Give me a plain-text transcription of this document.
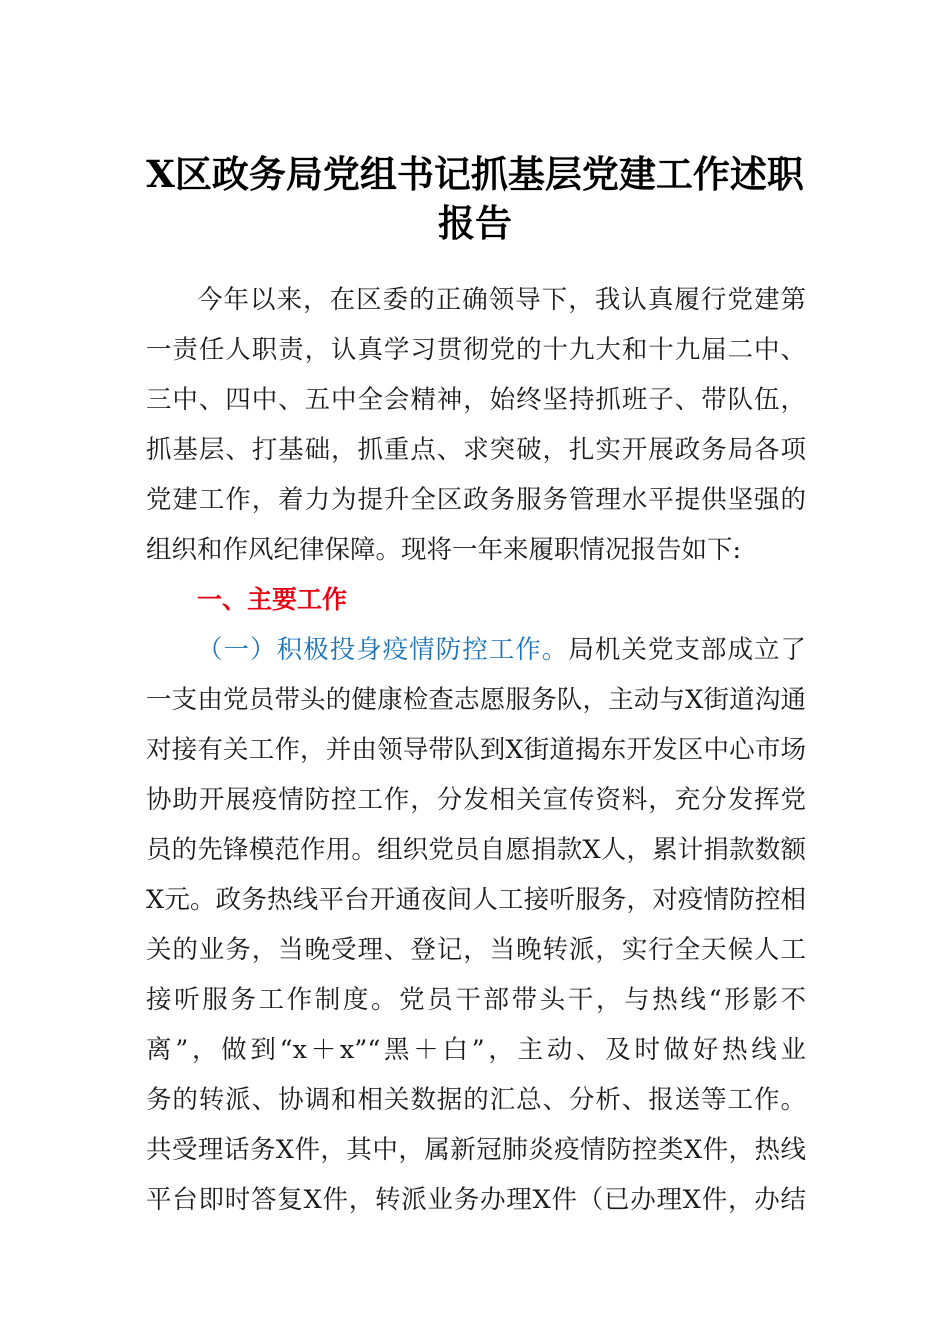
X区政务局党组书记抓基层党建工作述职
报告
今年以来，在区委的正确领导下，我认真履行党建第
一责任人职责，认真学习贯彻党的十九大和十九届二中、
三中、四中、五中全会精神，始终坚持抓班子、带队伍，
抓基层、打基础，抓重点、求突破，扎实开展政务局各项
党建工作，着力为提升全区政务服务管理水平提供坚强的
组织和作风纪律保障。现将一年来履职情况报告如下:
一、主要工作
（一）积极投身疫情防控工作。局机关党支部成立了
一支由党员带头的健康检查志愿服务队，主动与X街道沟通
对接有关工作，并由领导带队到X街道揭东开发区中心市场
协助开展疫情防控工作，分发相关宣传资料，充分发挥党
员的先锋模范作用。组织党员自愿捐款X人，累计捐款数额
X元。政务热线平台开通夜间人工接听服务，对疫情防控相
关的业务，当晚受理、登记，当晚转派，实行全天候人工
接听服务工作制度。党员干部带头干，与热线“形影不
离”，做到“x＋x”“黑＋白”，主动、及时做好热线业
务的转派、协调和相关数据的汇总、分析、报送等工作。
共受理话务X件，其中，属新冠肺炎疫情防控类X件，热线
平台即时答复X件，转派业务办理X件（已办理X件，办结
